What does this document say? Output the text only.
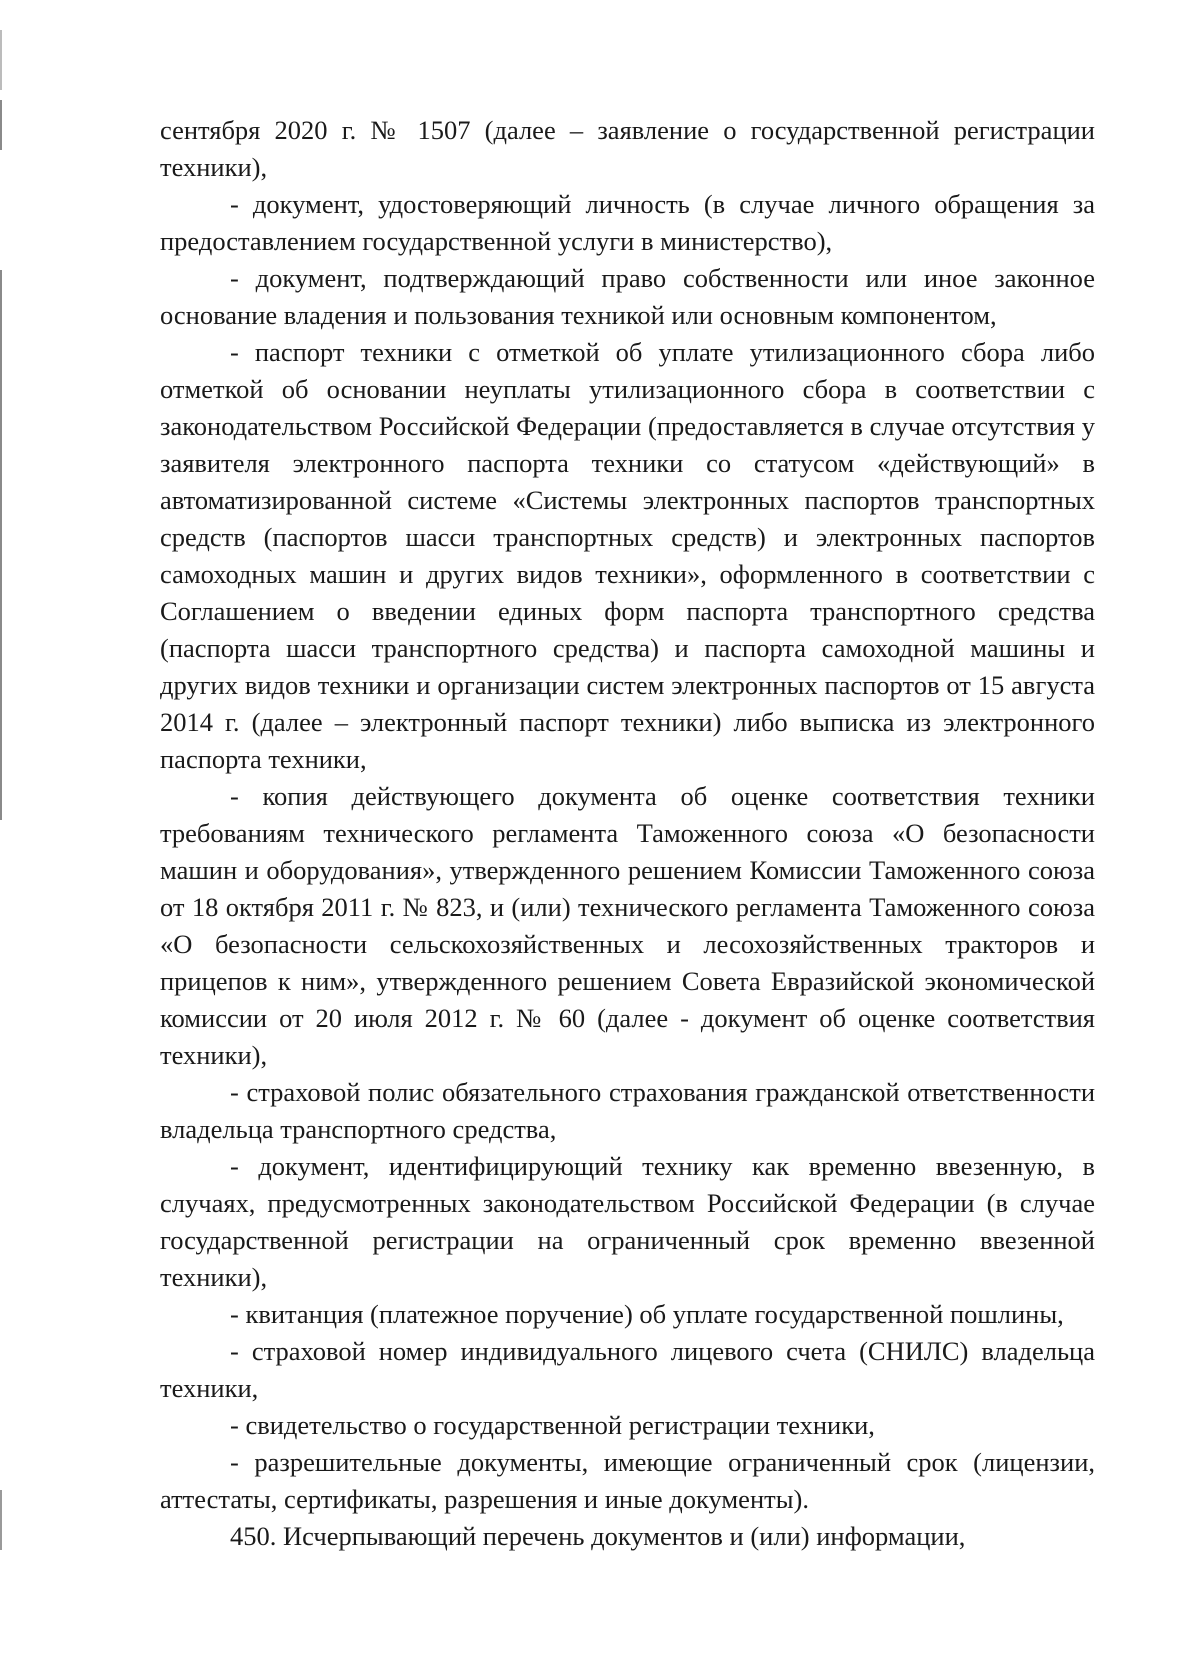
сентября 2020 г. № 1507 (далее – заявление о государственной регистрации техники),

- документ, удостоверяющий личность (в случае личного обращения за предоставлением государственной услуги в министерство),

- документ, подтверждающий право собственности или иное законное основание владения и пользования техникой или основным компонентом,

- паспорт техники с отметкой об уплате утилизационного сбора либо отметкой об основании неуплаты утилизационного сбора в соответствии с законодательством Российской Федерации (предоставляется в случае отсутствия у заявителя электронного паспорта техники со статусом «действующий» в автоматизированной системе «Системы электронных паспортов транспортных средств (паспортов шасси транспортных средств) и электронных паспортов самоходных машин и других видов техники», оформленного в соответствии с Соглашением о введении единых форм паспорта транспортного средства (паспорта шасси транспортного средства) и паспорта самоходной машины и других видов техники и организации систем электронных паспортов от 15 августа 2014 г. (далее – электронный паспорт техники) либо выписка из электронного паспорта техники,

- копия действующего документа об оценке соответствия техники требованиям технического регламента Таможенного союза «О безопасности машин и оборудования», утвержденного решением Комиссии Таможенного союза от 18 октября 2011 г. № 823, и (или) технического регламента Таможенного союза «О безопасности сельскохозяйственных и лесохозяйственных тракторов и прицепов к ним», утвержденного решением Совета Евразийской экономической комиссии от 20 июля 2012 г. № 60 (далее - документ об оценке соответствия техники),

- страховой полис обязательного страхования гражданской ответственности владельца транспортного средства,

- документ, идентифицирующий технику как временно ввезенную, в случаях, предусмотренных законодательством Российской Федерации (в случае государственной регистрации на ограниченный срок временно ввезенной техники),

- квитанция (платежное поручение) об уплате государственной пошлины,

- страховой номер индивидуального лицевого счета (СНИЛС) владельца техники,

- свидетельство о государственной регистрации техники,

- разрешительные документы, имеющие ограниченный срок (лицензии, аттестаты, сертификаты, разрешения и иные документы).

450. Исчерпывающий перечень документов и (или) информации,
